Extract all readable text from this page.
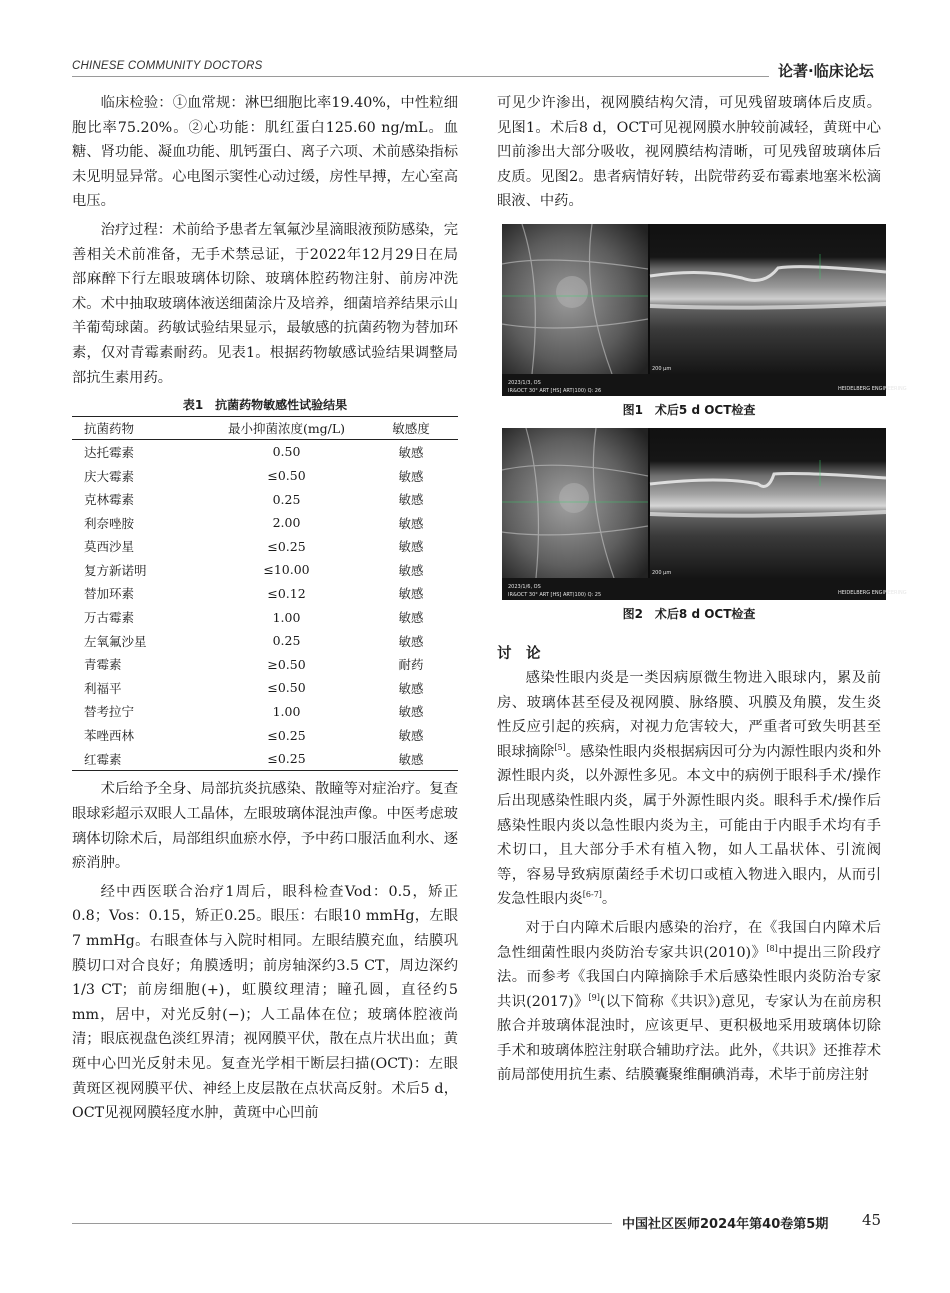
CHINESE COMMUNITY DOCTORS	论著·临床论坛

临床检验：①血常规：淋巴细胞比率19.40%，中性粒细胞比率75.20%。②心功能：肌红蛋白125.60 ng/mL。血糖、肾功能、凝血功能、肌钙蛋白、离子六项、术前感染指标未见明显异常。心电图示窦性心动过缓，房性早搏，左心室高电压。

治疗过程：术前给予患者左氧氟沙星滴眼液预防感染，完善相关术前准备，无手术禁忌证，于2022年12月29日在局部麻醉下行左眼玻璃体切除、玻璃体腔药物注射、前房冲洗术。术中抽取玻璃体液送细菌涂片及培养，细菌培养结果示山羊葡萄球菌。药敏试验结果显示，最敏感的抗菌药物为替加环素，仅对青霉素耐药。见表1。根据药物敏感试验结果调整局部抗生素用药。

表1　抗菌药物敏感性试验结果
抗菌药物	最小抑菌浓度(mg/L)	敏感度
达托霉素	0.50	敏感
庆大霉素	≤0.50	敏感
克林霉素	0.25	敏感
利奈唑胺	2.00	敏感
莫西沙星	≤0.25	敏感
复方新诺明	≤10.00	敏感
替加环素	≤0.12	敏感
万古霉素	1.00	敏感
左氧氟沙星	0.25	敏感
青霉素	≥0.50	耐药
利福平	≤0.50	敏感
替考拉宁	1.00	敏感
苯唑西林	≤0.25	敏感
红霉素	≤0.25	敏感

术后给予全身、局部抗炎抗感染、散瞳等对症治疗。复查眼球彩超示双眼人工晶体，左眼玻璃体混浊声像。中医考虑玻璃体切除术后，局部组织血瘀水停，予中药口服活血利水、逐瘀消肿。

经中西医联合治疗1周后，眼科检查Vod：0.5，矫正0.8；Vos：0.15，矫正0.25。眼压：右眼10 mmHg，左眼7 mmHg。右眼查体与入院时相同。左眼结膜充血，结膜巩膜切口对合良好；角膜透明；前房轴深约3.5 CT，周边深约1/3 CT；前房细胞(+)，虹膜纹理清；瞳孔圆，直径约5 mm，居中，对光反射(−)；人工晶体在位；玻璃体腔液尚清；眼底视盘色淡红界清；视网膜平伏，散在点片状出血；黄斑中心凹光反射未见。复查光学相干断层扫描(OCT)：左眼黄斑区视网膜平伏、神经上皮层散在点状高反射。术后5 d，OCT见视网膜轻度水肿，黄斑中心凹前

可见少许渗出，视网膜结构欠清，可见残留玻璃体后皮质。见图1。术后8 d，OCT可见视网膜水肿较前减轻，黄斑中心凹前渗出大部分吸收，视网膜结构清晰，可见残留玻璃体后皮质。见图2。患者病情好转，出院带药妥布霉素地塞米松滴眼液、中药。

2023/1/3, OS
IR&OCT 30° ART [HS] ART(100) Q: 26
200 µm
HEIDELBERG ENGINEERING
图1　术后5 d OCT检查
2023/1/6, OS
IR&OCT 30° ART [HS] ART(100) Q: 25
200 µm
HEIDELBERG ENGINEERING
图2　术后8 d OCT检查
讨　论

感染性眼内炎是一类因病原微生物进入眼球内，累及前房、玻璃体甚至侵及视网膜、脉络膜、巩膜及角膜，发生炎性反应引起的疾病，对视力危害较大，严重者可致失明甚至眼球摘除[5]。感染性眼内炎根据病因可分为内源性眼内炎和外源性眼内炎，以外源性多见。本文中的病例于眼科手术/操作后出现感染性眼内炎，属于外源性眼内炎。眼科手术/操作后感染性眼内炎以急性眼内炎为主，可能由于内眼手术均有手术切口，且大部分手术有植入物，如人工晶状体、引流阀等，容易导致病原菌经手术切口或植入物进入眼内，从而引发急性眼内炎[6-7]。

对于白内障术后眼内感染的治疗，在《我国白内障术后急性细菌性眼内炎防治专家共识(2010)》[8]中提出三阶段疗法。而参考《我国白内障摘除手术后感染性眼内炎防治专家共识(2017)》[9](以下简称《共识》)意见，专家认为在前房积脓合并玻璃体混浊时，应该更早、更积极地采用玻璃体切除手术和玻璃体腔注射联合辅助疗法。此外，《共识》还推荐术前局部使用抗生素、结膜囊聚维酮碘消毒，术毕于前房注射

中国社区医师2024年第40卷第5期 45
